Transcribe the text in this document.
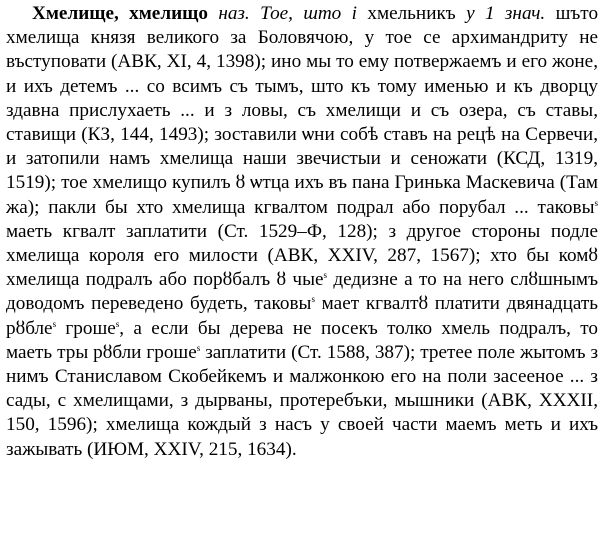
Хмелище, хмелищо наз. Тое, што і хмельникъ у 1 знач. шъто хмелища князя великого за Боловячою, у тое се архимандриту не въступовати (АВК, XI, 4, 1398); ино мы то ему потвержаемъ и его жоне, и ихъ детемъ ... со всимъ съ тымъ, што къ тому именью и къ дворцу здавна прислухаеть ... и з ловы, съ хмелищи и съ озера, съ ставы, ставищи (КЗ, 144, 1493); зоставили ѡни собѣ ставъ на рецѣ на Сервечи, и затопили намъ хмелища наши звечистыи и сеножати (КСД, 1319, 1519); тое хмелищо купилъ ȣ ѡтца ихъ въ пана Гринька Маскевича (Там жа); пакли бы хто хмелища кгвалтом подрал або порубал ... таковы$^s$ маеть кгвалт заплатити (Ст. 1529–Ф, 128); з другое стороны подле хмелища короля его милости (АВК, XXIV, 287, 1567); хто бы комȣ хмелища подралъ або порȣбалъ ȣ чые$^s$ дедизне а то на него слȣшнымъ доводомъ переведено будеть, таковы$^s$ мает кгвалтȣ платити двянадцать рȣбле$^s$ грошe$^s$, а если бы дерева не посекъ толко хмель подралъ, то маеть тры рȣбли грошe$^s$ заплатити (Ст. 1588, 387); третее поле жытомъ з нимъ Станиславом Скобейкемъ и малжонкою его на поли засееное ... з сады, с хмелищами, з дырваны, протеребъки, мышники (АВК, XXXII, 150, 1596); хмелища кождый з насъ у своей части маемъ меть и ихъ зажывать (ИЮМ, XXIV, 215, 1634).
